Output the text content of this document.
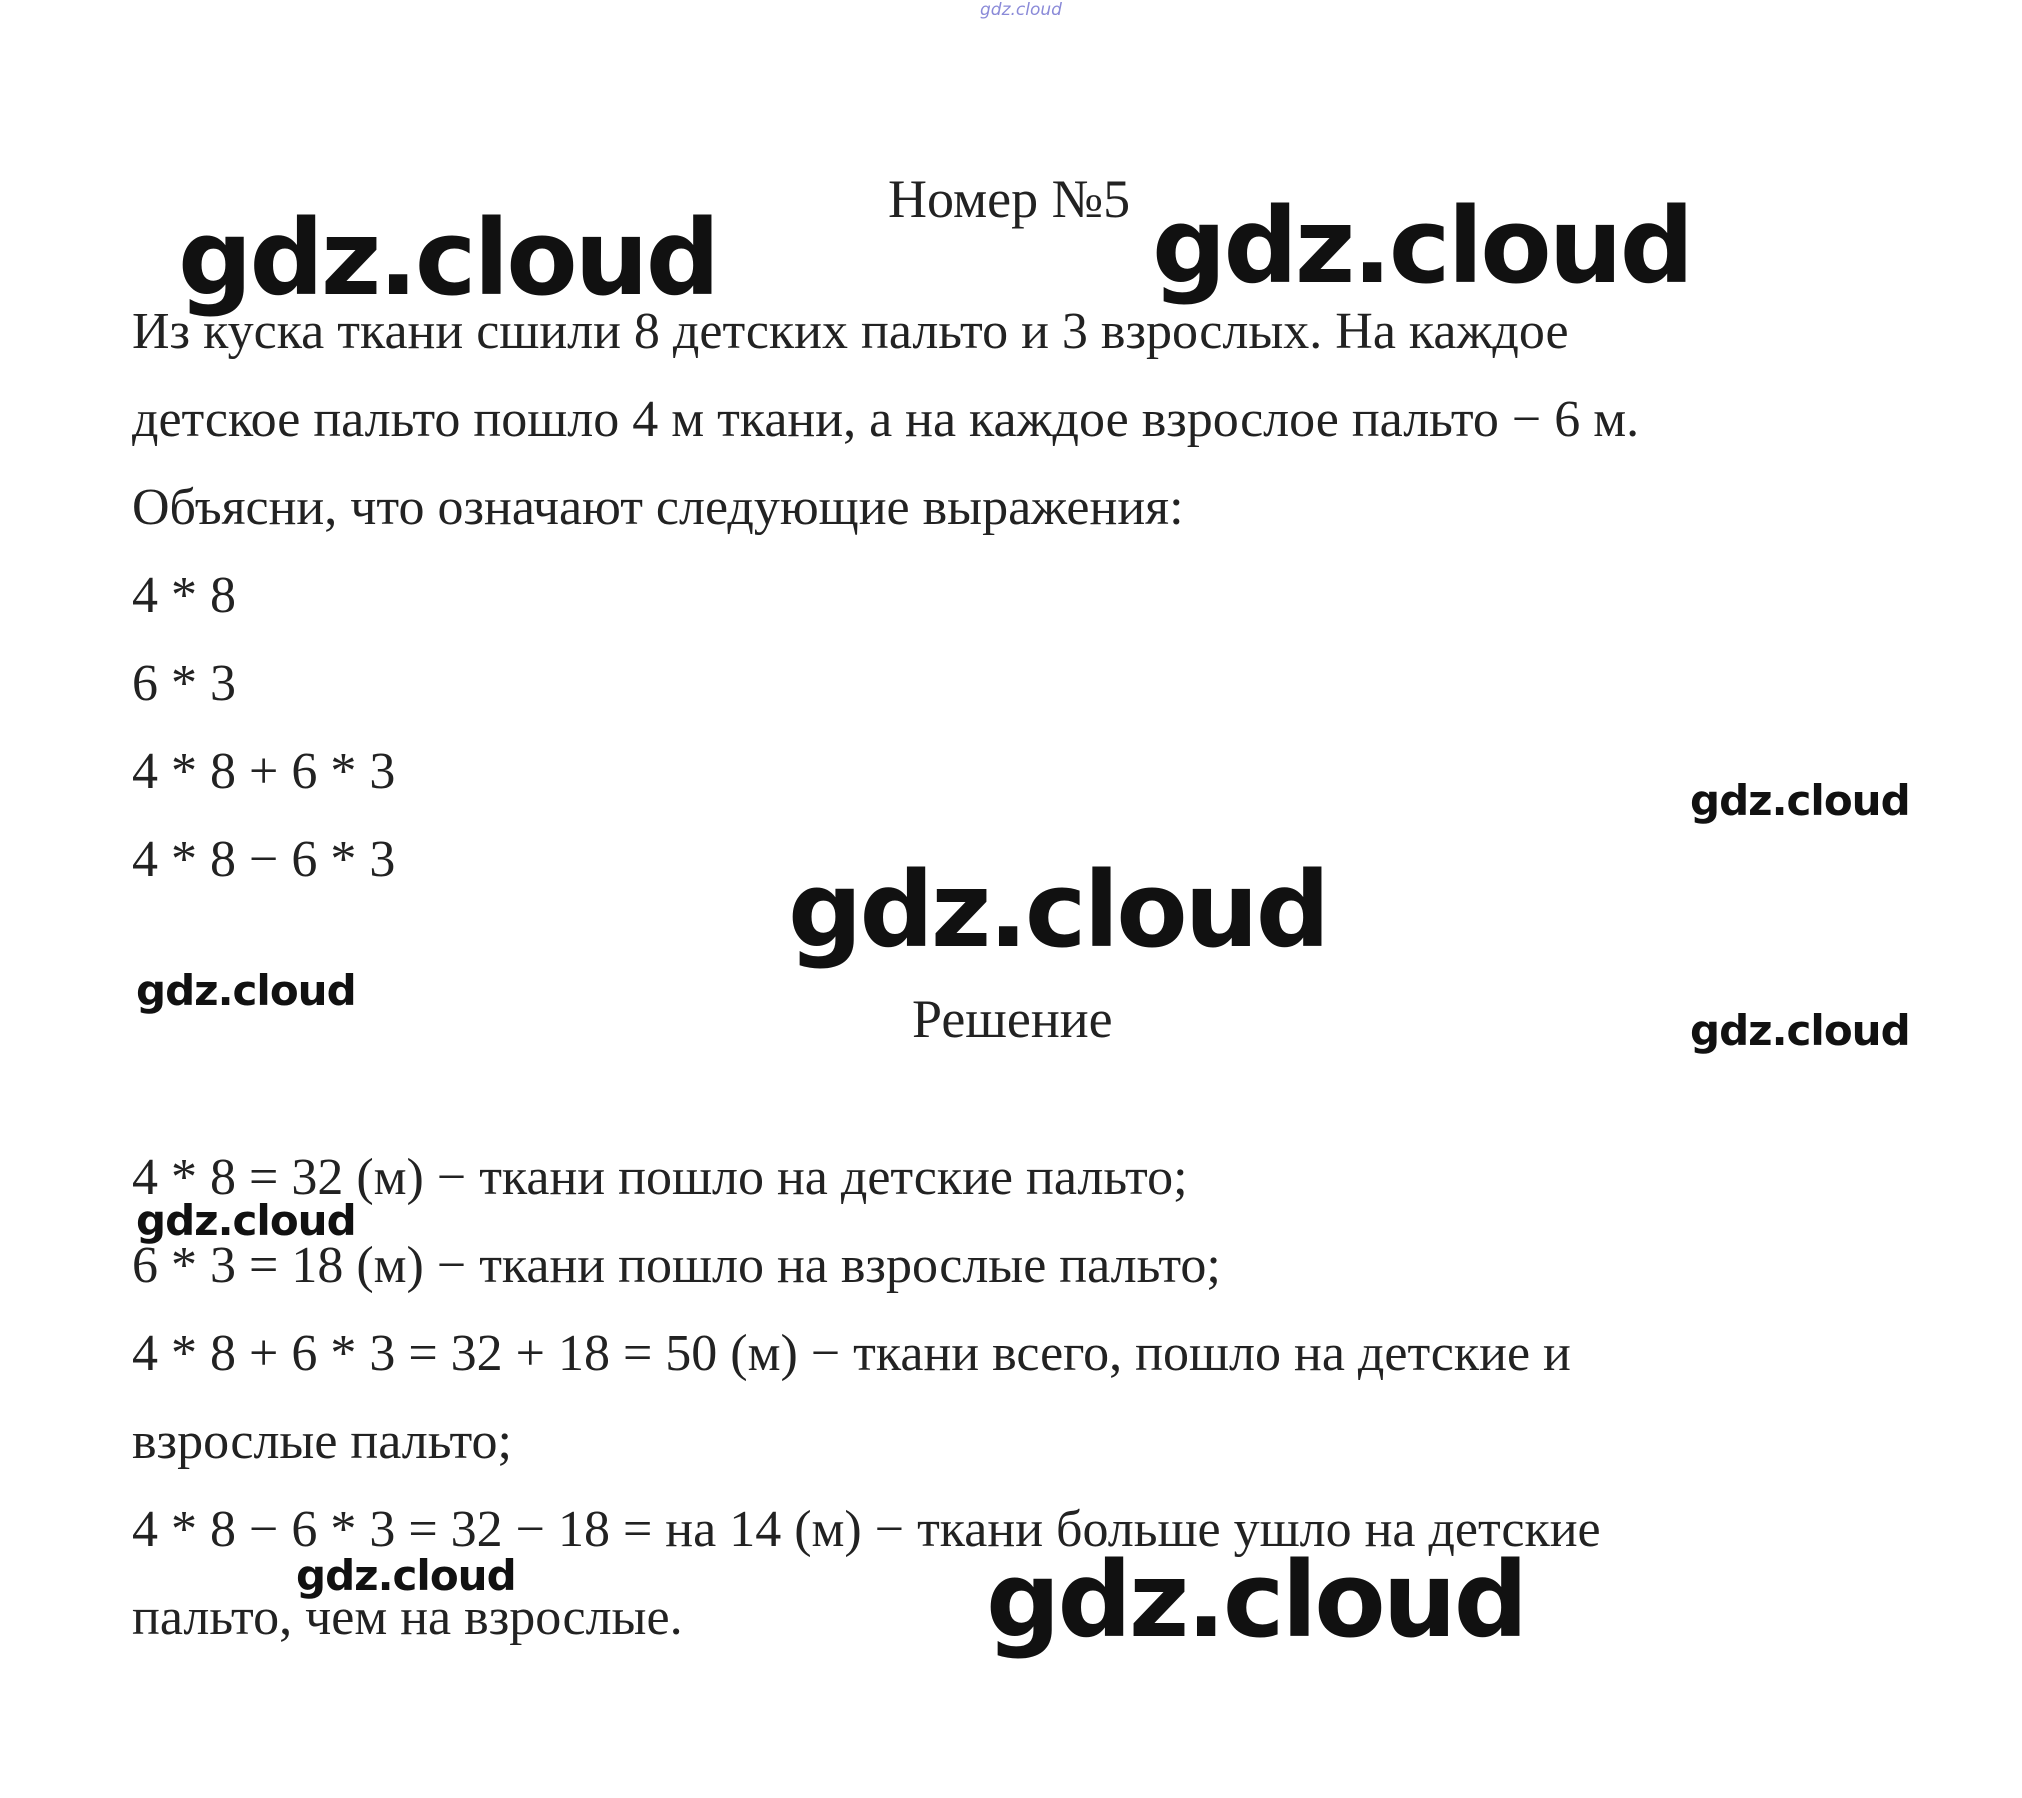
gdz.cloud
Номер №5
Из куска ткани сшили 8 детских пальто и 3 взрослых. На каждое
детское пальто пошло 4 м ткани, а на каждое взрослое пальто − 6 м.
Объясни, что означают следующие выражения:
4 * 8
6 * 3
4 * 8 + 6 * 3
4 * 8 − 6 * 3
Решение
4 * 8 = 32 (м) − ткани пошло на детские пальто;
6 * 3 = 18 (м) − ткани пошло на взрослые пальто;
4 * 8 + 6 * 3 = 32 + 18 = 50 (м) − ткани всего, пошло на детские и
взрослые пальто;
4 * 8 − 6 * 3 = 32 − 18 = на 14 (м) − ткани больше ушло на детские
пальто, чем на взрослые.
gdz.cloud	gdz.cloud
gdz.cloud
gdz.cloud
gdz.cloud
gdz.cloud
gdz.cloud
gdz.cloud	gdz.cloud
